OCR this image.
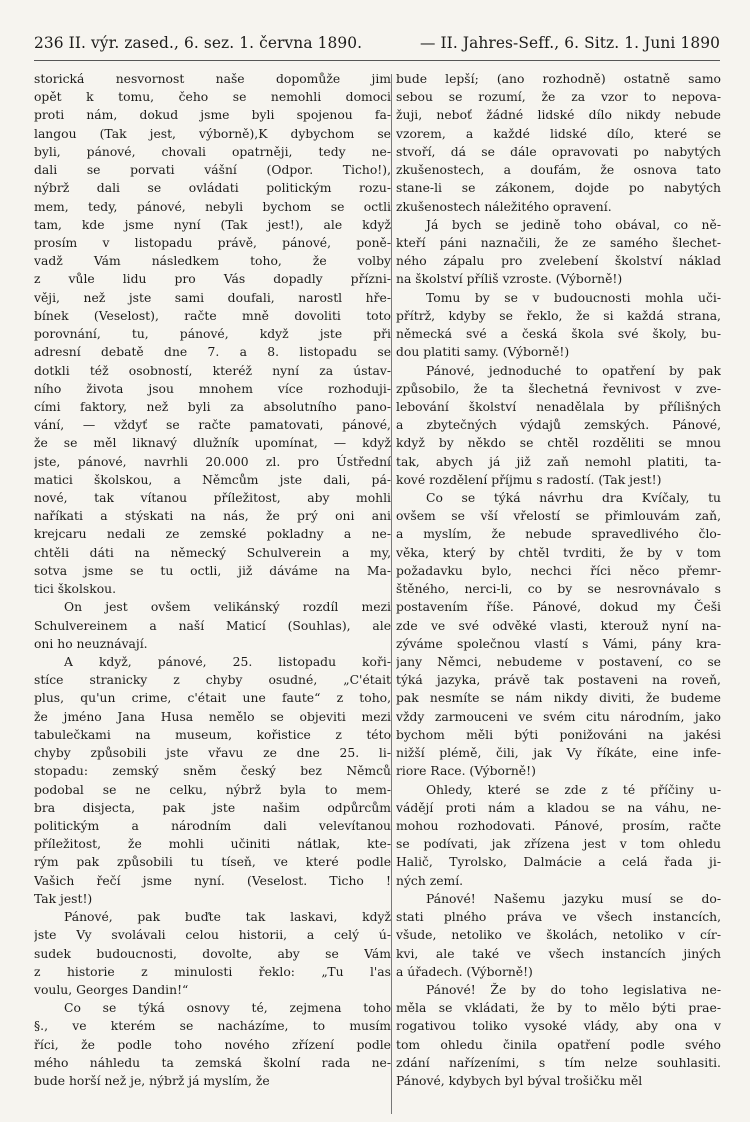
236 II. výr. zased., 6. sez. 1. června 1890.	— II. Jahres-Seff., 6. Sitz. 1. Juni 1890
storická nesvornost naše dopomůže jim
opět k tomu, čeho se nemohli domoci
proti nám, dokud jsme byli spojenou fa-
langou (Tak jest, výborně),K dybychom se
byli, pánové, chovali opatrněji, tedy ne-
dali se porvati vášní (Odpor. Ticho!),
nýbrž dali se ovládati politickým rozu-
mem, tedy, pánové, nebyli bychom se octli
tam, kde jsme nyní (Tak jest!), ale když
prosím v listopadu právě, pánové, poně-
vadž Vám následkem toho, že volby
z vůle lidu pro Vás dopadly přízni-
věji, než jste sami doufali, narostl hře-
bínek (Veselost), račte mně dovoliti toto
porovnání, tu, pánové, když jste při
adresní debatě dne 7. a 8. listopadu se
dotkli též osobností, kteréž nyní za ústav-
ního života jsou mnohem více rozhoduji-
cími faktory, než byli za absolutního pano-
vání, — vždyť se račte pamatovati, pánové,
že se měl liknavý dlužník upomínat, — když
jste, pánové, navrhli 20.000 zl. pro Ústřední
matici školskou, a Němcům jste dali, pá-
nové, tak vítanou příležitost, aby mohli
naříkati a stýskati na nás, že prý oni ani
krejcaru nedali ze zemské pokladny a ne-
chtěli dáti na německý Schulverein a my,
sotva jsme se tu octli, již dáváme na Ma-
tici školskou.
On jest ovšem velikánský rozdíl mezi
Schulvereinem a naší Maticí (Souhlas), ale
oni ho neuznávají.
A když, pánové, 25. listopadu koři-
stíce stranicky z chyby osudné, „C'était
plus, qu'un crime, c'était une faute“ z toho,
že jméno Jana Husa nemělo se objeviti mezi
tabulečkami na museum, kořistice z této
chyby způsobili jste vřavu ze dne 25. li-
stopadu: zemský sněm český bez Němců
podobal se ne celku, nýbrž byla to mem-
bra disjecta, pak jste našim odpůrcům
politickým a národním dali velevítanou
příležitost, že mohli učiniti nátlak, kte-
rým pak způsobili tu tíseň, ve které podle
Vašich řečí jsme nyní. (Veselost. Ticho !
Tak jest!)
Pánové, pak buďte tak laskavi, když
jste Vy svolávali celou historii, a celý ú-
sudek budoucnosti, dovolte, aby se Vám
z historie z minulosti řeklo: „Tu l'as
voulu, Georges Dandin!“
Co se týká osnovy té, zejmena toho
§., ve kterém se nacházíme, to musím
říci, že podle toho nového zřízení podle
mého náhledu ta zemská školní rada ne-
bude horší než je, nýbrž já myslím, že
bude lepší; (ano rozhodně) ostatně samo
sebou se rozumí, že za vzor to nepova-
žuji, neboť žádné lidské dílo nikdy nebude
vzorem, a každé lidské dílo, které se
stvoří, dá se dále opravovati po nabytých
zkušenostech, a doufám, že osnova tato
stane-li se zákonem, dojde po nabytých
zkušenostech náležitého opravení.
Já bych se jedině toho obával, co ně-
kteří páni naznačili, že ze samého šlechet-
ného zápalu pro zvelebení školství náklad
na školství příliš vzroste. (Výborně!)
Tomu by se v budoucnosti mohla uči-
přítrž, kdyby se řeklo, že si každá strana,
německá své a česká škola své školy, bu-
dou platiti samy. (Výborně!)
Pánové, jednoduché to opatření by pak
způsobilo, že ta šlechetná řevnivost v zve-
lebování školství nenadělala by přílišných
a zbytečných výdajů zemských. Pánové,
když by někdo se chtěl rozděliti se mnou
tak, abych já již zaň nemohl platiti, ta-
kové rozdělení příjmu s radostí. (Tak jest!)
Co se týká návrhu dra Kvíčaly, tu
ovšem se vší vřelostí se přimlouvám zaň,
a myslím, že nebude spravedlivého člo-
věka, který by chtěl tvrditi, že by v tom
požadavku bylo, nechci říci něco přemr-
štěného, nerci-li, co by se nesrovnávalo s
postavením říše. Pánové, dokud my Češi
zde ve své odvěké vlasti, kterouž nyní na-
zýváme společnou vlastí s Vámi, pány kra-
jany Němci, nebudeme v postavení, co se
týká jazyka, právě tak postaveni na roveň,
pak nesmíte se nám nikdy diviti, že budeme
vždy zarmouceni ve svém citu národním, jako
bychom měli býti ponižováni na jakési
nižší plémě, čili, jak Vy říkáte, eine infe-
riore Race. (Výborně!)
Ohledy, které se zde z té příčiny u-
vádějí proti nám a kladou se na váhu, ne-
mohou rozhodovati. Pánové, prosím, račte
se podívati, jak zřízena jest v tom ohledu
Halič, Tyrolsko, Dalmácie a celá řada ji-
ných zemí.
Pánové! Našemu jazyku musí se do-
stati plného práva ve všech instancích,
všude, netoliko ve školách, netoliko v cír-
kvi, ale také ve všech instancích jiných
a úřadech. (Výborně!)
Pánové! Že by do toho legislativa ne-
měla se vkládati, že by to mělo býti prae-
rogativou toliko vysoké vlády, aby ona v
tom ohledu činila opatření podle svého
zdání nařízeními, s tím nelze souhlasiti.
Pánové, kdybych byl býval trošičku měl
